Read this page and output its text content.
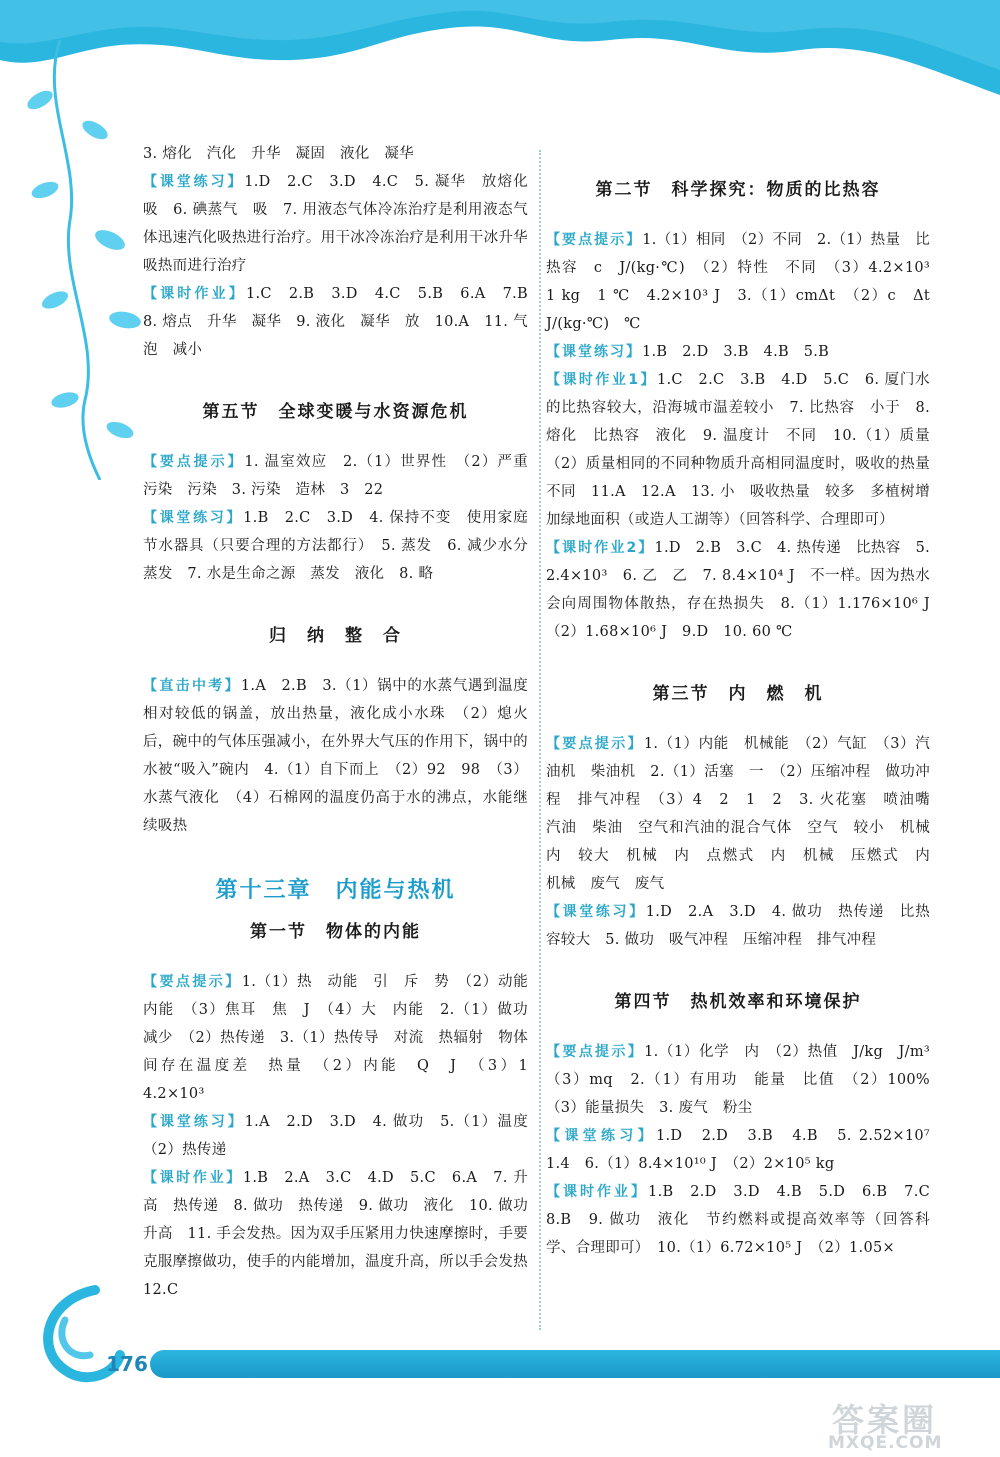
3. 熔化　汽化　升华　凝固　液化　凝华

【课堂练习】1.D　2.C　3.D　4.C　5. 凝华　放熔化　吸　6. 碘蒸气　吸　7. 用液态气体冷冻治疗是利用液态气体迅速汽化吸热进行治疗。用干冰冷冻治疗是利用干冰升华吸热而进行治疗

【课时作业】1.C　2.B　3.D　4.C　5.B　6.A　7.B　8. 熔点　升华　凝华　9. 液化　凝华　放　10.A　11. 气泡　减小

第五节　全球变暖与水资源危机

【要点提示】1. 温室效应　2.（1）世界性　（2）严重　污染　污染　3. 污染　造林　3　22

【课堂练习】1.B　2.C　3.D　4. 保持不变　使用家庭节水器具（只要合理的方法都行）　5. 蒸发　6. 减少水分蒸发　7. 水是生命之源　蒸发　液化　8. 略

归　纳　整　合

【直击中考】1.A　2.B　3.（1）锅中的水蒸气遇到温度相对较低的锅盖，放出热量，液化成小水珠　（2）熄火后，碗中的气体压强减小，在外界大气压的作用下，锅中的水被“吸入”碗内　4.（1）自下而上　（2）92　98　（3）水蒸气液化　（4）石棉网的温度仍高于水的沸点，水能继续吸热

第十三章　内能与热机

第一节　物体的内能

【要点提示】1.（1）热　动能　引　斥　势　（2）动能　内能　（3）焦耳　焦　J　（4）大　内能　2.（1）做功　减少　（2）热传递　3.（1）热传导　对流　热辐射　物体间存在温度差　热量　（2）内能　Q　J　（3）1　4.2×10³

【课堂练习】1.A　2.D　3.D　4. 做功　5.（1）温度　（2）热传递

【课时作业】1.B　2.A　3.C　4.D　5.C　6.A　7. 升高　热传递　8. 做功　热传递　9. 做功　液化　10. 做功　升高　11. 手会发热。因为双手压紧用力快速摩擦时，手要克服摩擦做功，使手的内能增加，温度升高，所以手会发热　12.C

第二节　科学探究：物质的比热容

【要点提示】1.（1）相同　（2）不同　2.（1）热量　比热容　c　J/(kg·℃)　（2）特性　不同　（3）4.2×10³　1 kg　1 ℃　4.2×10³ J　3.（1）cmΔt　（2）c　Δt　J/(kg·℃)　℃

【课堂练习】1.B　2.D　3.B　4.B　5.B

【课时作业1】1.C　2.C　3.B　4.D　5.C　6. 厦门水的比热容较大，沿海城市温差较小　7. 比热容　小于　8. 熔化　比热容　液化　9. 温度计　不同　10.（1）质量　（2）质量相同的不同种物质升高相同温度时，吸收的热量不同　11.A　12.A　13. 小　吸收热量　较多　多植树增加绿地面积（或造人工湖等）（回答科学、合理即可）

【课时作业2】1.D　2.B　3.C　4. 热传递　比热容　5. 2.4×10³　6. 乙　乙　7. 8.4×10⁴ J　不一样。因为热水会向周围物体散热，存在热损失　8.（1）1.176×10⁶ J　（2）1.68×10⁶ J　9.D　10. 60 ℃

第三节　内　燃　机

【要点提示】1.（1）内能　机械能　（2）气缸　（3）汽油机　柴油机　2.（1）活塞　一　（2）压缩冲程　做功冲程　排气冲程　（3）4　2　1　2　3. 火花塞　喷油嘴　汽油　柴油　空气和汽油的混合气体　空气　较小　机械　内　较大　机械　内　点燃式　内　机械　压燃式　内　机械　废气　废气

【课堂练习】1.D　2.A　3.D　4. 做功　热传递　比热容较大　5. 做功　吸气冲程　压缩冲程　排气冲程

第四节　热机效率和环境保护

【要点提示】1.（1）化学　内　（2）热值　J/kg　J/m³　（3）mq　2.（1）有用功　能量　比值　（2）100%　（3）能量损失　3. 废气　粉尘

【课堂练习】1.D　2.D　3.B　4.B　5. 2.52×10⁷　1.4　6.（1）8.4×10¹⁰ J　（2）2×10⁵ kg

【课时作业】1.B　2.D　3.D　4.B　5.D　6.B　7.C　8.B　9. 做功　液化　节约燃料或提高效率等（回答科学、合理即可）　10.（1）6.72×10⁵ J　（2）1.05×

176
答案圈
MXQE.COM
